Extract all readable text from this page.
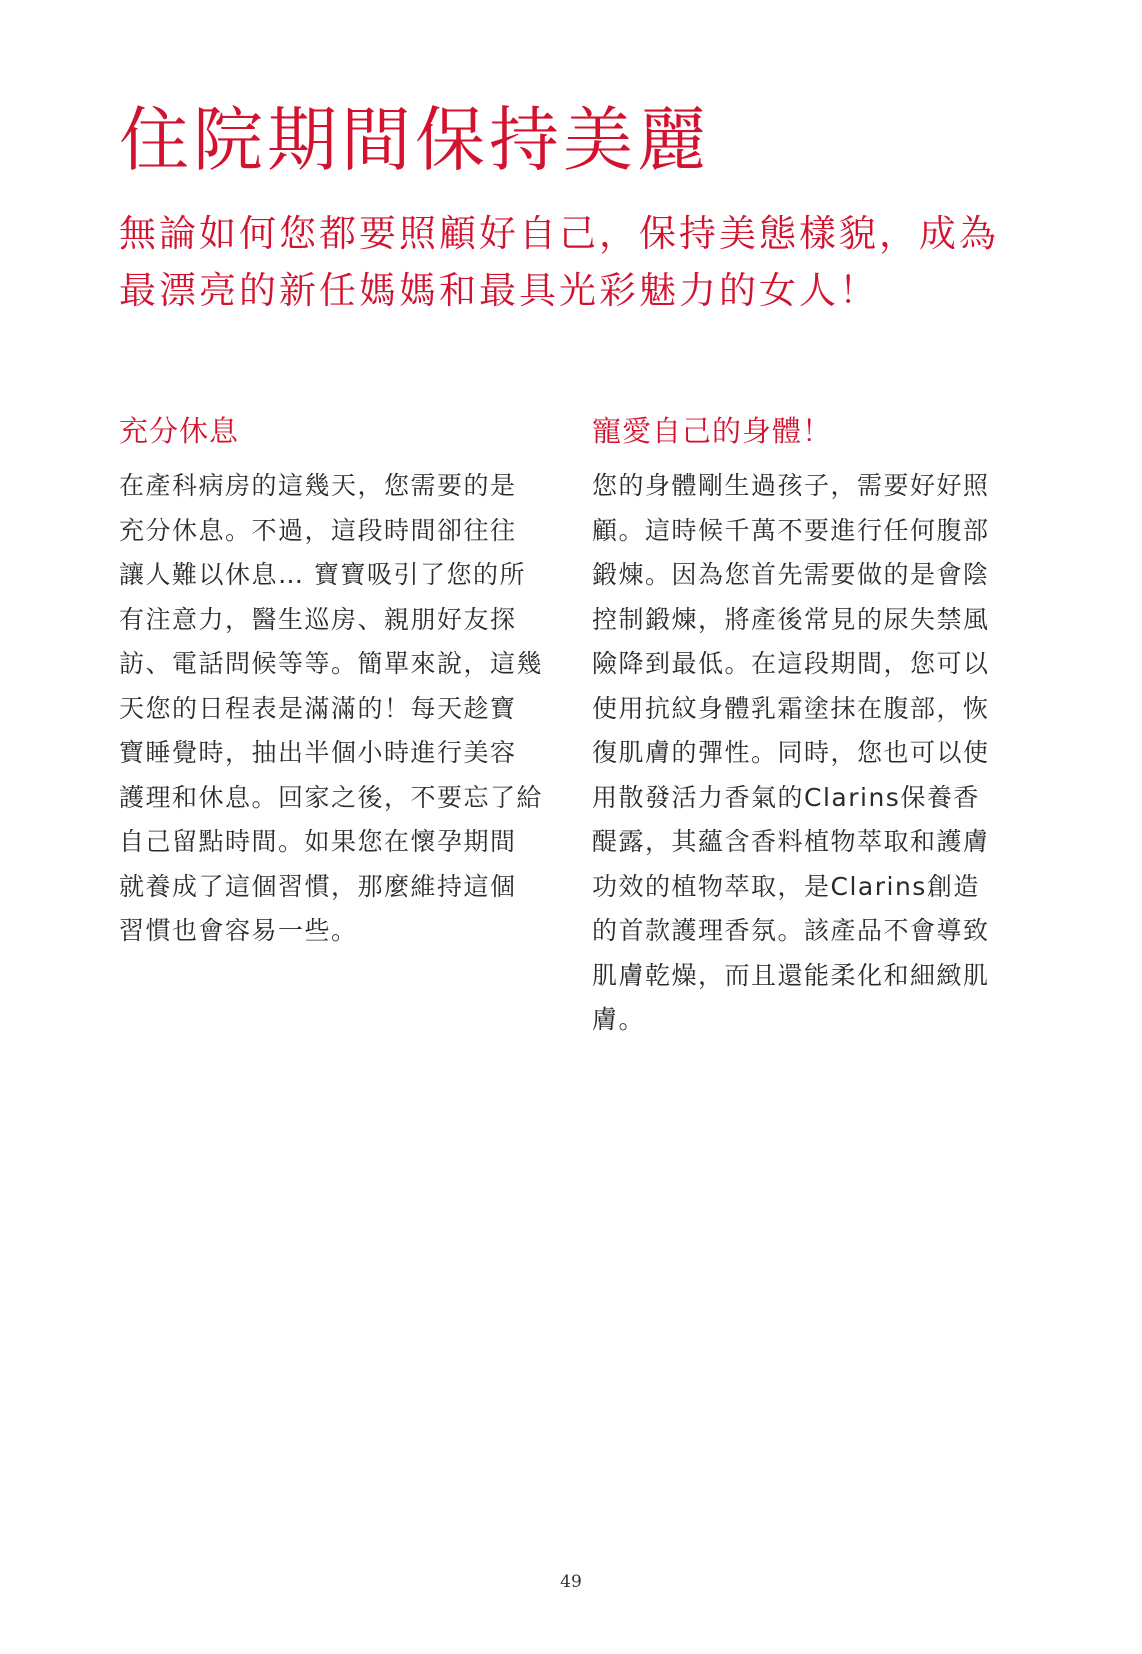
住院期間保持美麗
無論如何您都要照顧好自己，保持美態樣貌，成為
最漂亮的新任媽媽和最具光彩魅力的女人！
充分休息
在產科病房的這幾天，您需要的是
充分休息。不過，這段時間卻往往
讓人難以休息… 寶寶吸引了您的所
有注意力，醫生巡房、親朋好友探
訪、電話問候等等。簡單來說，這幾
天您的日程表是滿滿的！每天趁寶
寶睡覺時，抽出半個小時進行美容
護理和休息。回家之後，不要忘了給
自己留點時間。如果您在懷孕期間
就養成了這個習慣，那麼維持這個
習慣也會容易一些。
寵愛自己的身體！
您的身體剛生過孩子，需要好好照
顧。這時候千萬不要進行任何腹部
鍛煉。因為您首先需要做的是會陰
控制鍛煉，將產後常見的尿失禁風
險降到最低。在這段期間，您可以
使用抗紋身體乳霜塗抹在腹部，恢
復肌膚的彈性。同時，您也可以使
用散發活力香氣的Clarins保養香
醍露，其蘊含香料植物萃取和護膚
功效的植物萃取，是Clarins創造
的首款護理香氛。該產品不會導致
肌膚乾燥，而且還能柔化和細緻肌
膚。
49
